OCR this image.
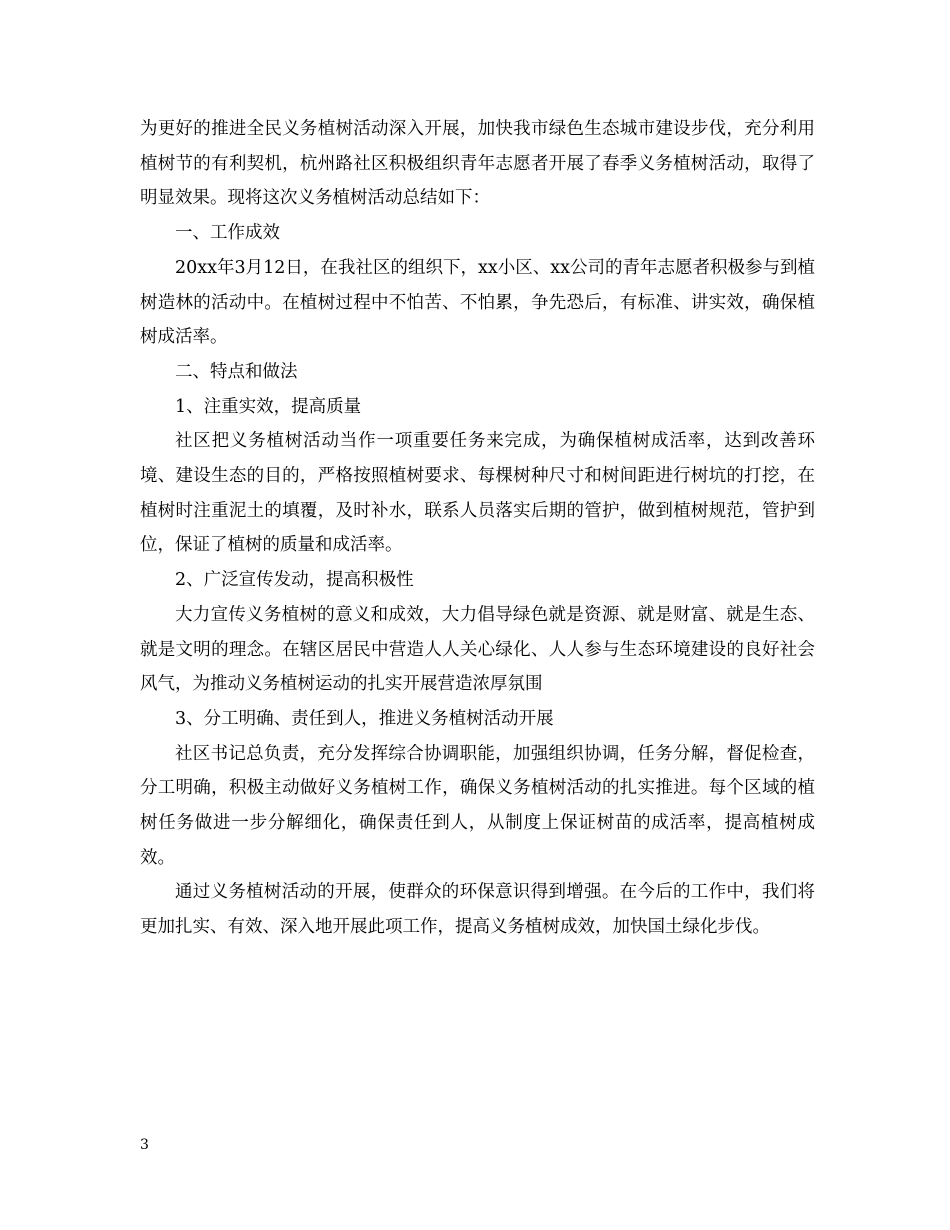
为更好的推进全民义务植树活动深入开展，加快我市绿色生态城市建设步伐，充分利用植树节的有利契机，杭州路社区积极组织青年志愿者开展了春季义务植树活动，取得了明显效果。现将这次义务植树活动总结如下：

一、工作成效

20xx年3月12日，在我社区的组织下，xx小区、xx公司的青年志愿者积极参与到植树造林的活动中。在植树过程中不怕苦、不怕累，争先恐后，有标准、讲实效，确保植树成活率。

二、特点和做法

1、注重实效，提高质量

社区把义务植树活动当作一项重要任务来完成，为确保植树成活率，达到改善环境、建设生态的目的，严格按照植树要求、每棵树种尺寸和树间距进行树坑的打挖，在植树时注重泥土的填覆，及时补水，联系人员落实后期的管护，做到植树规范，管护到位，保证了植树的质量和成活率。

2、广泛宣传发动，提高积极性

大力宣传义务植树的意义和成效，大力倡导绿色就是资源、就是财富、就是生态、就是文明的理念。在辖区居民中营造人人关心绿化、人人参与生态环境建设的良好社会风气，为推动义务植树运动的扎实开展营造浓厚氛围

3、分工明确、责任到人，推进义务植树活动开展

社区书记总负责，充分发挥综合协调职能，加强组织协调，任务分解，督促检查，分工明确，积极主动做好义务植树工作，确保义务植树活动的扎实推进。每个区域的植树任务做进一步分解细化，确保责任到人，从制度上保证树苗的成活率，提高植树成效。

通过义务植树活动的开展，使群众的环保意识得到增强。在今后的工作中，我们将更加扎实、有效、深入地开展此项工作，提高义务植树成效，加快国土绿化步伐。

3
